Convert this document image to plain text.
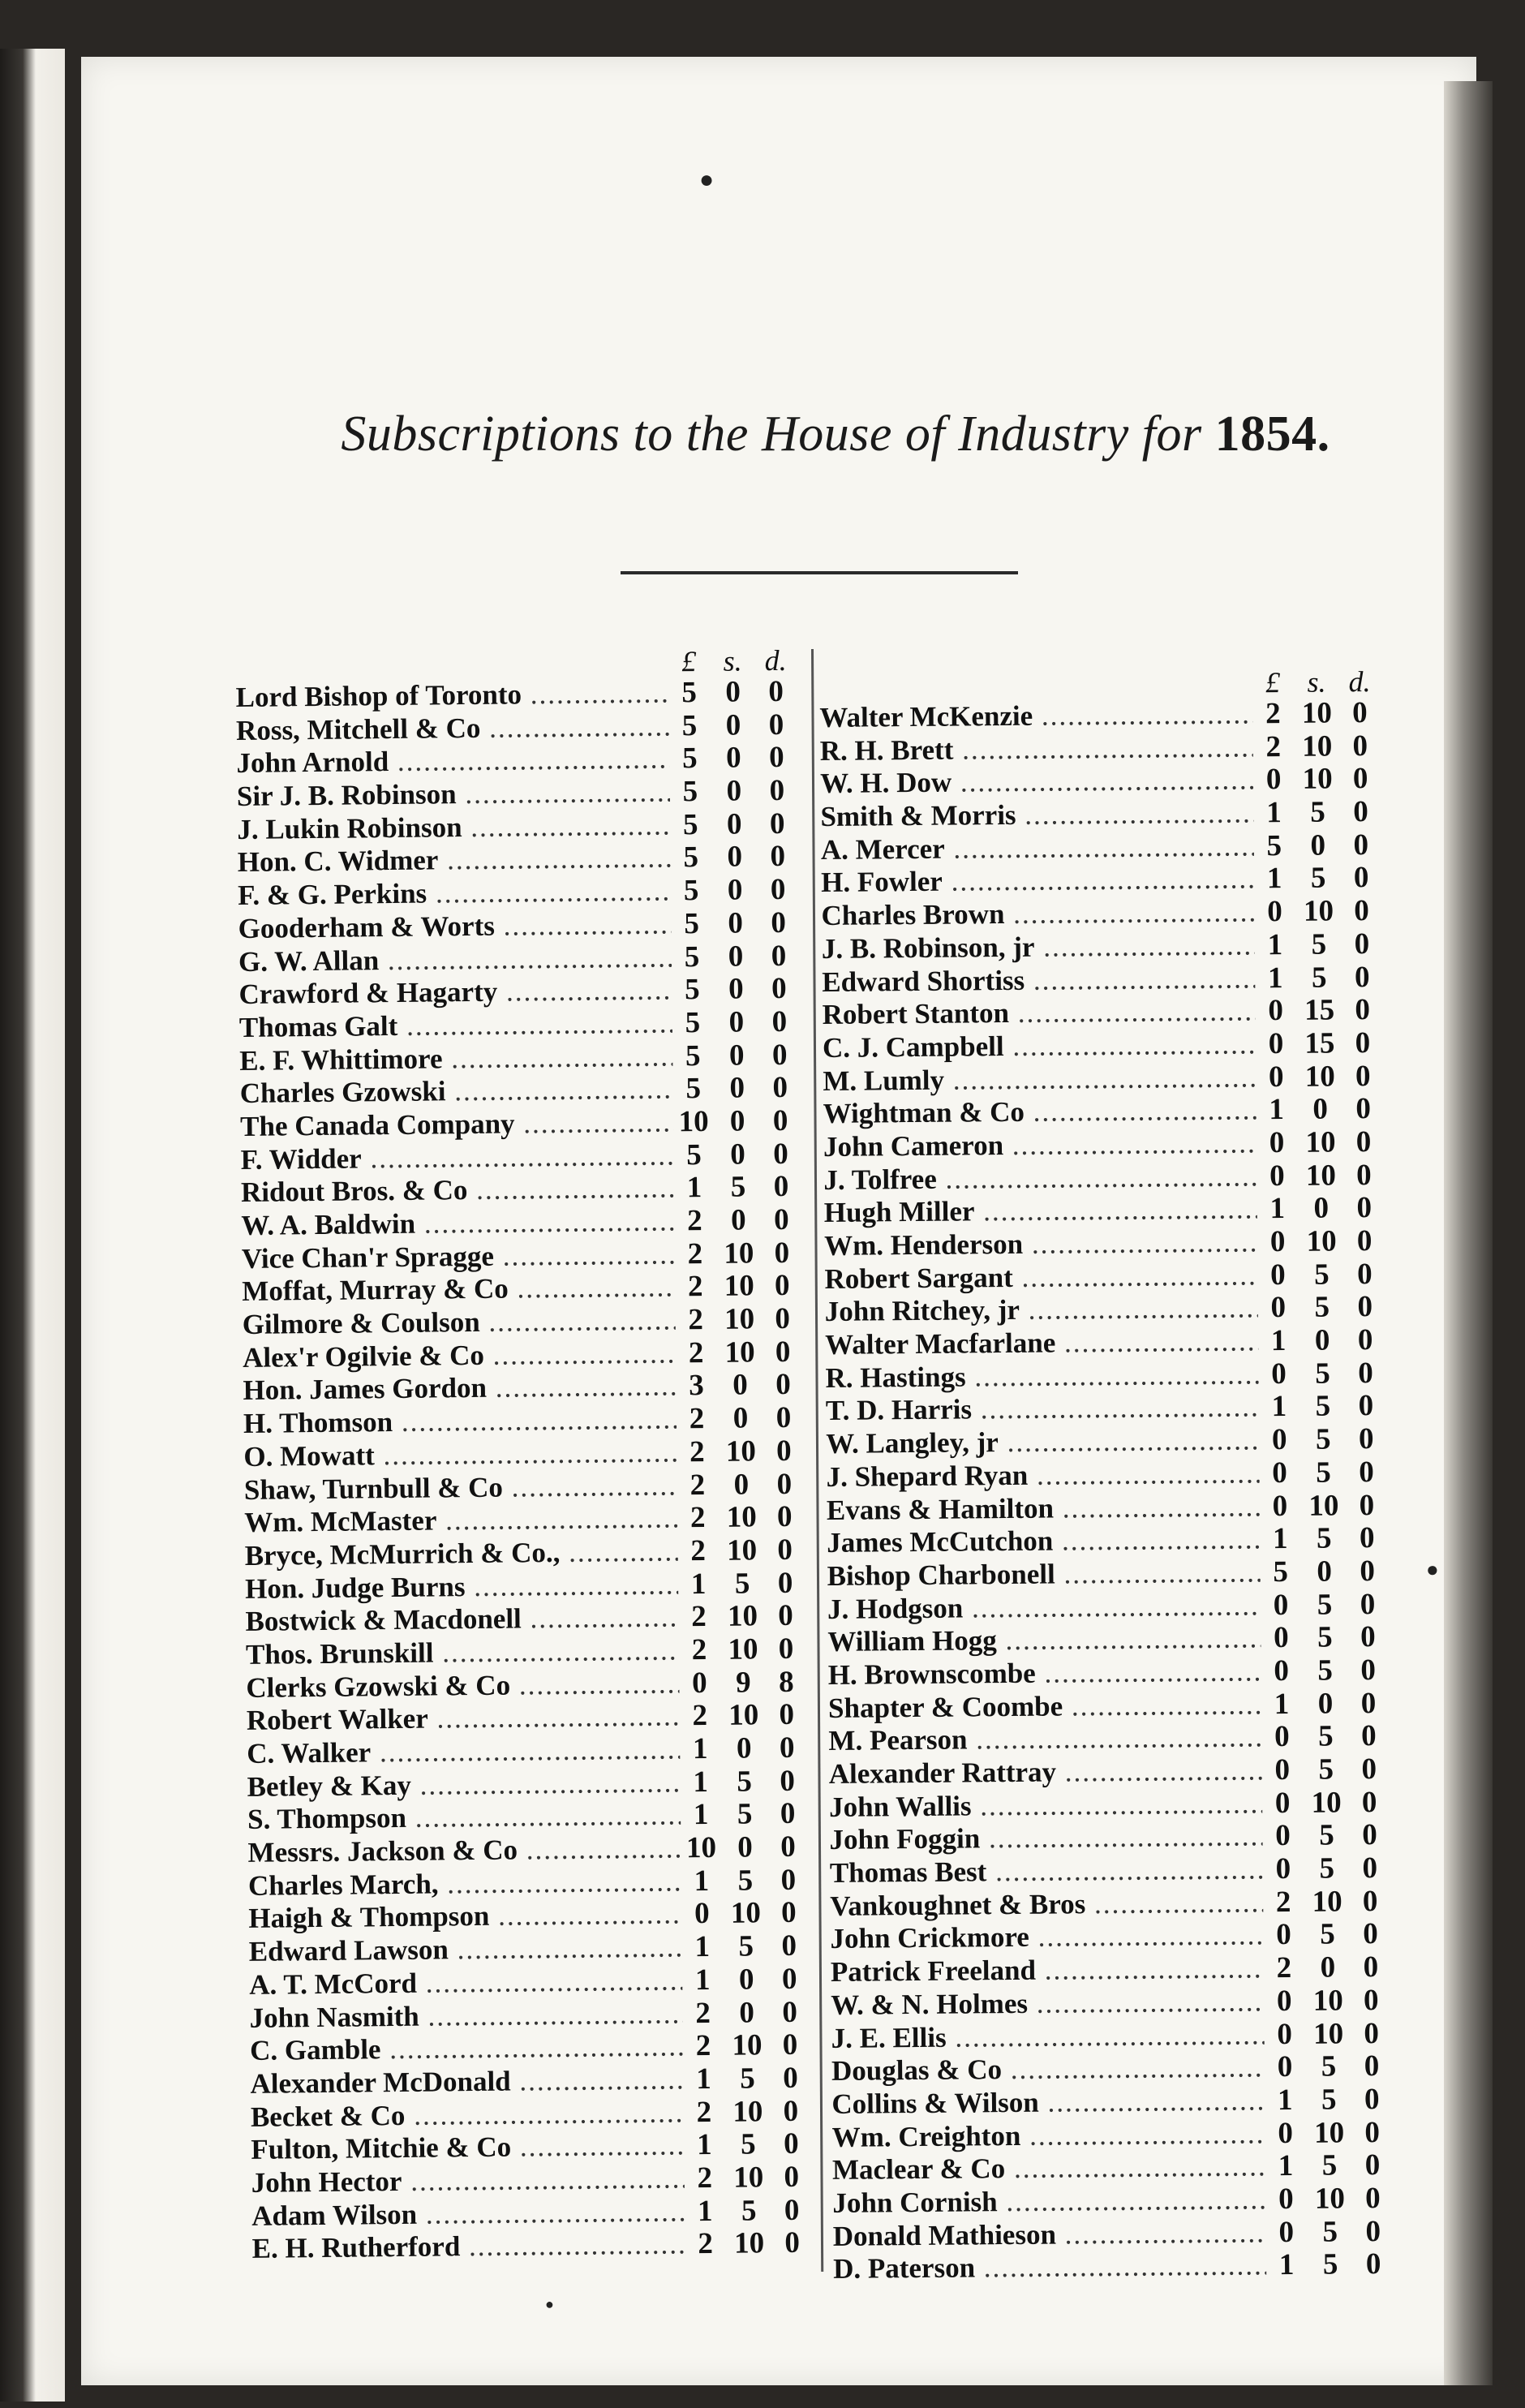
●
●
●
Subscriptions to the House of Industry for 1854.
£ s. d.
Lord Bishop of Toronto .....	5 0 0
Ross, Mitchell & Co .....	5 0 0
John Arnold .....	5 0 0
Sir J. B. Robinson .....	5 0 0
J. Lukin Robinson .....	5 0 0
Hon. C. Widmer .....	5 0 0
F. & G. Perkins .....	5 0 0
Gooderham & Worts .....	5 0 0
G. W. Allan .....	5 0 0
Crawford & Hagarty .....	5 0 0
Thomas Galt .....	5 0 0
E. F. Whittimore .....	5 0 0
Charles Gzowski .....	5 0 0
The Canada Company .....	10 0 0
F. Widder .....	5 0 0
Ridout Bros. & Co .....	1 5 0
W. A. Baldwin .....	2 0 0
Vice Chan'r Spragge .....	2 10 0
Moffat, Murray & Co .....	2 10 0
Gilmore & Coulson .....	2 10 0
Alex'r Ogilvie & Co .....	2 10 0
Hon. James Gordon .....	3 0 0
H. Thomson .....	2 0 0
O. Mowatt .....	2 10 0
Shaw, Turnbull & Co .....	2 0 0
Wm. McMaster .....	2 10 0
Bryce, McMurrich & Co., .....	2 10 0
Hon. Judge Burns .....	1 5 0
Bostwick & Macdonell .....	2 10 0
Thos. Brunskill .....	2 10 0
Clerks Gzowski & Co .....	0 9 8
Robert Walker .....	2 10 0
C. Walker .....	1 0 0
Betley & Kay .....	1 5 0
S. Thompson .....	1 5 0
Messrs. Jackson & Co .....	10 0 0
Charles March, .....	1 5 0
Haigh & Thompson .....	0 10 0
Edward Lawson .....	1 5 0
A. T. McCord .....	1 0 0
John Nasmith .....	2 0 0
C. Gamble .....	2 10 0
Alexander McDonald .....	1 5 0
Becket & Co .....	2 10 0
Fulton, Mitchie & Co .....	1 5 0
John Hector .....	2 10 0
Adam Wilson .....	1 5 0
E. H. Rutherford .....	2 10 0
£ s. d.
Walter McKenzie .....	2 10 0
R. H. Brett .....	2 10 0
W. H. Dow .....	0 10 0
Smith & Morris .....	1 5 0
A. Mercer .....	5 0 0
H. Fowler .....	1 5 0
Charles Brown .....	0 10 0
J. B. Robinson, jr .....	1 5 0
Edward Shortiss .....	1 5 0
Robert Stanton .....	0 15 0
C. J. Campbell .....	0 15 0
M. Lumly .....	0 10 0
Wightman & Co .....	1 0 0
John Cameron .....	0 10 0
J. Tolfree .....	0 10 0
Hugh Miller .....	1 0 0
Wm. Henderson .....	0 10 0
Robert Sargant .....	0 5 0
John Ritchey, jr .....	0 5 0
Walter Macfarlane .....	1 0 0
R. Hastings .....	0 5 0
T. D. Harris .....	1 5 0
W. Langley, jr .....	0 5 0
J. Shepard Ryan .....	0 5 0
Evans & Hamilton .....	0 10 0
James McCutchon .....	1 5 0
Bishop Charbonell .....	5 0 0
J. Hodgson .....	0 5 0
William Hogg .....	0 5 0
H. Brownscombe .....	0 5 0
Shapter & Coombe .....	1 0 0
M. Pearson .....	0 5 0
Alexander Rattray .....	0 5 0
John Wallis .....	0 10 0
John Foggin .....	0 5 0
Thomas Best .....	0 5 0
Vankoughnet & Bros .....	2 10 0
John Crickmore .....	0 5 0
Patrick Freeland .....	2 0 0
W. & N. Holmes .....	0 10 0
J. E. Ellis .....	0 10 0
Douglas & Co .....	0 5 0
Collins & Wilson .....	1 5 0
Wm. Creighton .....	0 10 0
Maclear & Co .....	1 5 0
John Cornish .....	0 10 0
Donald Mathieson .....	0 5 0
D. Paterson .....	1 5 0
